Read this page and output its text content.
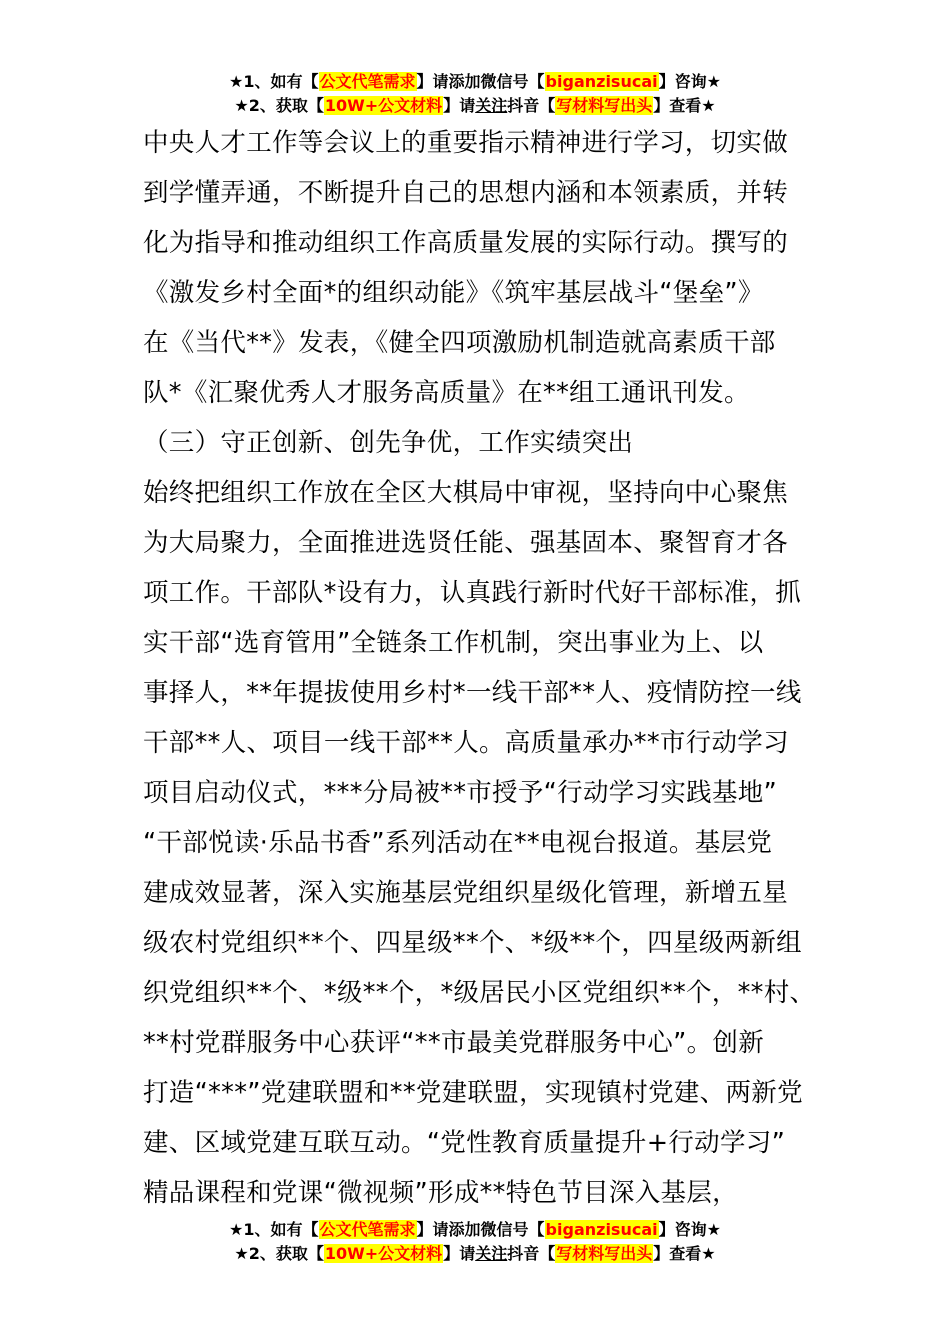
★1、如有【公文代笔需求】请添加微信号【biganzisucai】咨询★
★2、获取【10W+公文材料】请关注抖音【写材料写出头】查看★
中央人才工作等会议上的重要指示精神进行学习，切实做
到学懂弄通，不断提升自己的思想内涵和本领素质，并转
化为指导和推动组织工作高质量发展的实际行动。撰写的
《激发乡村全面*的组织动能》《筑牢基层战斗“堡垒”》
在《当代**》发表，《健全四项激励机制造就高素质干部
队*《汇聚优秀人才服务高质量》在**组工通讯刊发。
（三）守正创新、创先争优，工作实绩突出
始终把组织工作放在全区大棋局中审视，坚持向中心聚焦
为大局聚力，全面推进选贤任能、强基固本、聚智育才各
项工作。干部队*设有力，认真践行新时代好干部标准，抓
实干部“选育管用”全链条工作机制，突出事业为上、以
事择人，**年提拔使用乡村*一线干部**人、疫情防控一线
干部**人、项目一线干部**人。高质量承办**市行动学习
项目启动仪式，***分局被**市授予“行动学习实践基地”
“干部悦读·乐品书香”系列活动在**电视台报道。基层党
建成效显著，深入实施基层党组织星级化管理，新增五星
级农村党组织**个、四星级**个、*级**个，四星级两新组
织党组织**个、*级**个，*级居民小区党组织**个，**村、
**村党群服务中心获评“**市最美党群服务中心”。创新
打造“***”党建联盟和**党建联盟，实现镇村党建、两新党
建、区域党建互联互动。“党性教育质量提升+行动学习”
精品课程和党课“微视频”形成**特色节目深入基层，
★1、如有【公文代笔需求】请添加微信号【biganzisucai】咨询★
★2、获取【10W+公文材料】请关注抖音【写材料写出头】查看★
